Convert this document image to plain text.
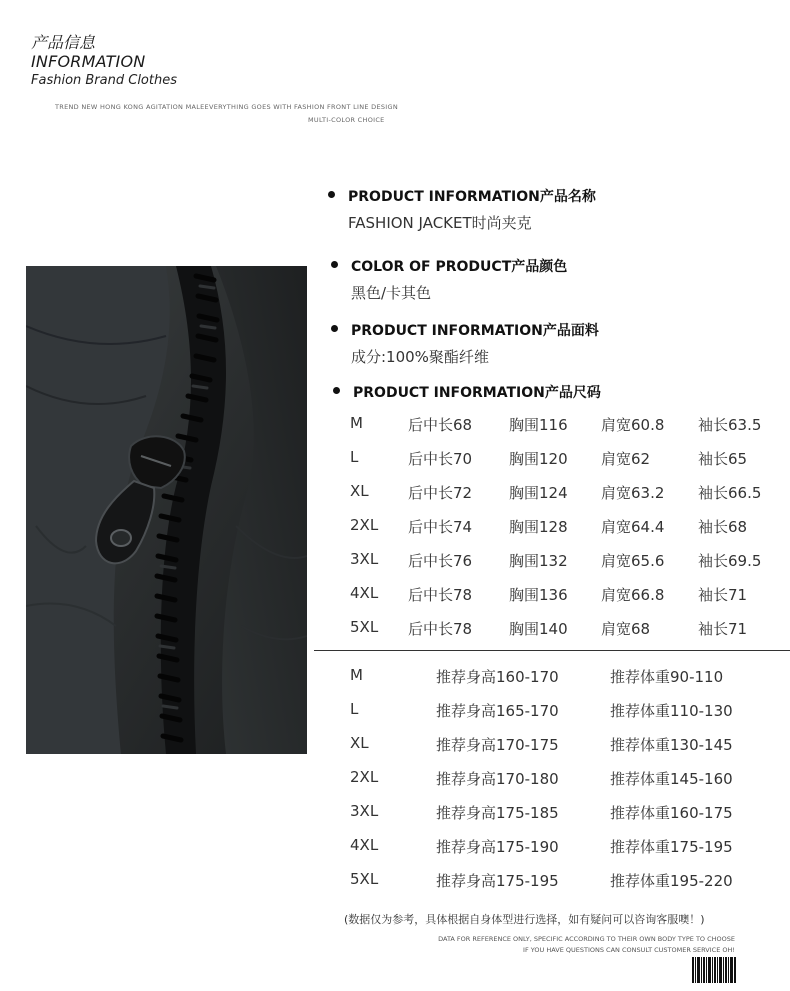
产品信息
INFORMATION
Fashion Brand Clothes
TREND NEW HONG KONG AGITATION MALEEVERYTHING GOES WITH FASHION FRONT LINE DESIGN
MULTI-COLOR CHOICE
PRODUCT INFORMATION产品名称
FASHION JACKET时尚夹克
COLOR OF PRODUCT产品颜色
黑色/卡其色
PRODUCT INFORMATION产品面料
成分:100%聚酯纤维
PRODUCT INFORMATION产品尺码
M	后中长68 胸围116 肩宽60.8 袖长63.5
L	后中长70 胸围120 肩宽62	袖长65
XL	后中长72 胸围124 肩宽63.2 袖长66.5
2XL 后中长74 胸围128 肩宽64.4 袖长68
3XL 后中长76 胸围132 肩宽65.6 袖长69.5
4XL 后中长78 胸围136 肩宽66.8 袖长71
5XL 后中长78 胸围140 肩宽68	袖长71
M	推荐身高160-170	推荐体重90-110
L	推荐身高165-170	推荐体重110-130
XL	推荐身高170-175	推荐体重130-145
2XL	推荐身高170-180	推荐体重145-160
3XL	推荐身高175-185	推荐体重160-175
4XL	推荐身高175-190	推荐体重175-195
5XL	推荐身高175-195	推荐体重195-220
(数据仅为参考，具体根据自身体型进行选择，如有疑问可以咨询客服噢！)
DATA FOR REFERENCE ONLY, SPECIFIC ACCORDING TO THEIR OWN BODY TYPE TO CHOOSE
IF YOU HAVE QUESTIONS CAN CONSULT CUSTOMER SERVICE OH!
